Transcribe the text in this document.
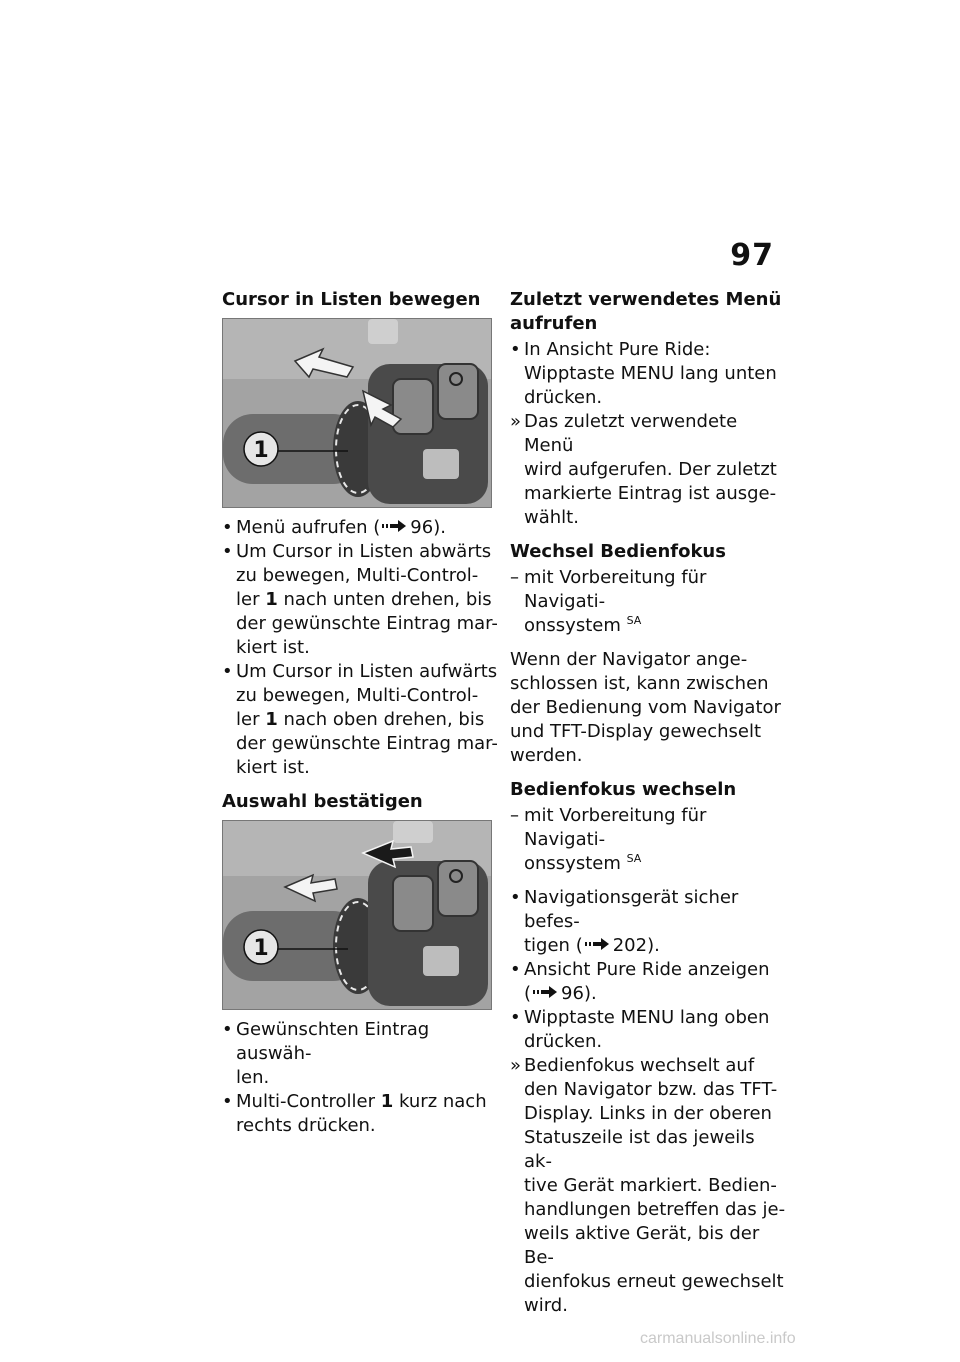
97
Cursor in Listen bewegen
1
• Menü aufrufen ( 96).
• Um Cursor in Listen abwärts
zu bewegen, Multi-Control-
ler 1 nach unten drehen, bis
der gewünschte Eintrag mar-
kiert ist.
• Um Cursor in Listen aufwärts
zu bewegen, Multi-Control-
ler 1 nach oben drehen, bis
der gewünschte Eintrag mar-
kiert ist.
Auswahl bestätigen
1
• Gewünschten Eintrag auswäh-
len.
• Multi-Controller 1 kurz nach
rechts drücken.
Zuletzt verwendetes Menü
aufrufen
• In Ansicht Pure Ride:
Wipptaste MENU lang unten
drücken.
» Das zuletzt verwendete Menü
wird aufgerufen. Der zuletzt
markierte Eintrag ist ausge-
wählt.
Wechsel Bedienfokus
– mit Vorbereitung für Navigati-
onssystem $^{SA}$
Wenn der Navigator ange-
schlossen ist, kann zwischen
der Bedienung vom Navigator
und TFT-Display gewechselt
werden.
Bedienfokus wechseln
– mit Vorbereitung für Navigati-
onssystem $^{SA}$
• Navigationsgerät sicher befes-
tigen ( 202).
• Ansicht Pure Ride anzeigen
( 96).
• Wipptaste MENU lang oben
drücken.
» Bedienfokus wechselt auf
den Navigator bzw. das TFT-
Display. Links in der oberen
Statuszeile ist das jeweils ak-
tive Gerät markiert. Bedien-
handlungen betreffen das je-
weils aktive Gerät, bis der Be-
dienfokus erneut gewechselt
wird.
carmanualsonline.info
